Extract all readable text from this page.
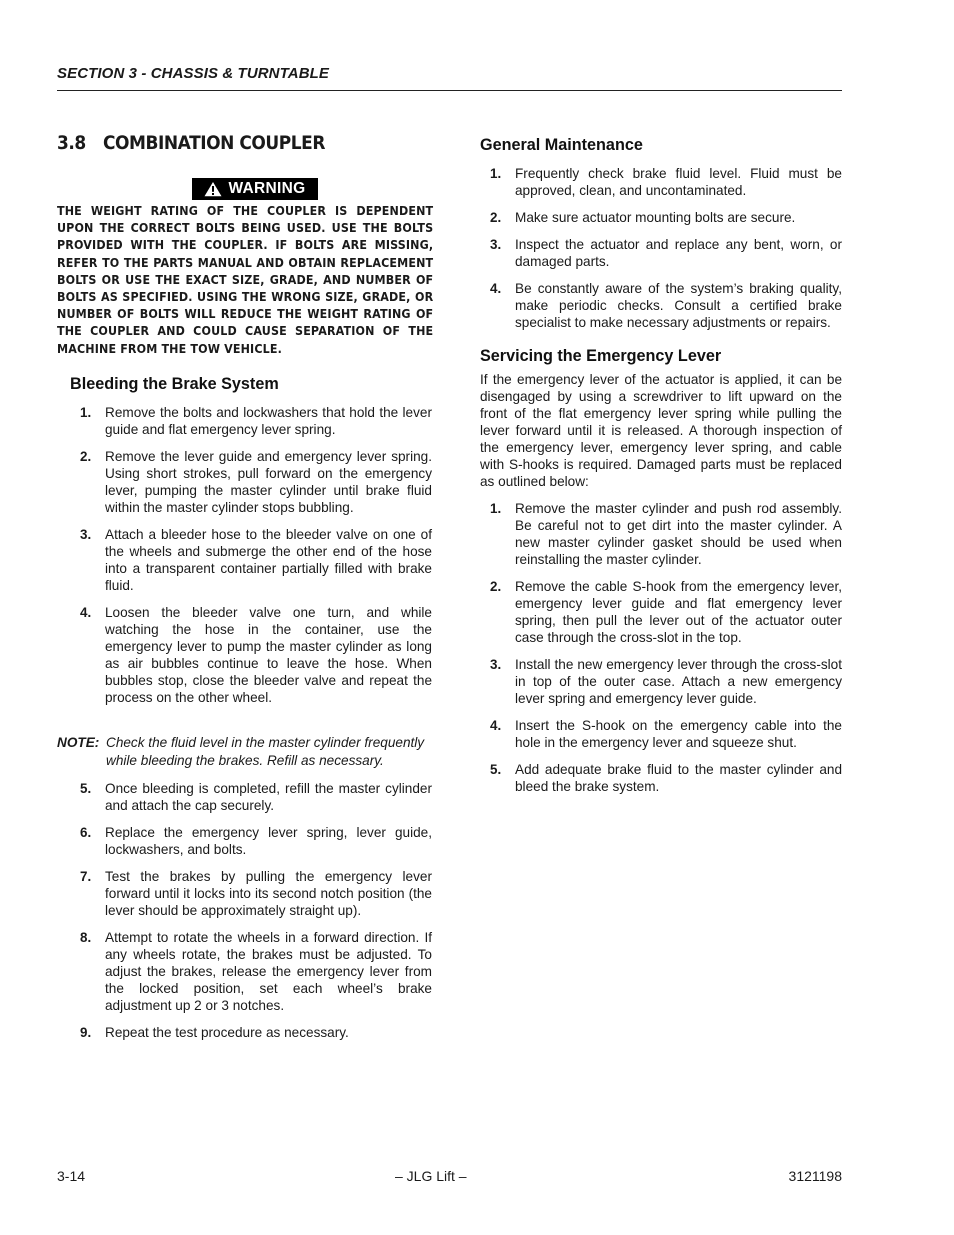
SECTION 3 - CHASSIS & TURNTABLE
3.8 COMBINATION COUPLER
WARNING

THE WEIGHT RATING OF THE COUPLER IS DEPENDENT UPON THE CORRECT BOLTS BEING USED. USE THE BOLTS PROVIDED WITH THE COUPLER. IF BOLTS ARE MISSING, REFER TO THE PARTS MANUAL AND OBTAIN REPLACEMENT BOLTS OR USE THE EXACT SIZE, GRADE, AND NUMBER OF BOLTS AS SPECIFIED. USING THE WRONG SIZE, GRADE, OR NUMBER OF BOLTS WILL REDUCE THE WEIGHT RATING OF THE COUPLER AND COULD CAUSE SEPARATION OF THE MACHINE FROM THE TOW VEHICLE.

Bleeding the Brake System
1. Remove the bolts and lockwashers that hold the lever guide and flat emergency lever spring.
2. Remove the lever guide and emergency lever spring. Using short strokes, pull forward on the emergency lever, pumping the master cylinder until brake fluid within the master cylinder stops bubbling.
3. Attach a bleeder hose to the bleeder valve on one of the wheels and submerge the other end of the hose into a transparent container partially filled with brake fluid.
4. Loosen the bleeder valve one turn, and while watching the hose in the container, use the emergency lever to pump the master cylinder as long as air bubbles continue to leave the hose. When bubbles stop, close the bleeder valve and repeat the process on the other wheel.
NOTE: Check the fluid level in the master cylinder frequently while bleeding the brakes. Refill as necessary.
5. Once bleeding is completed, refill the master cylinder and attach the cap securely.
6. Replace the emergency lever spring, lever guide, lockwashers, and bolts.
7. Test the brakes by pulling the emergency lever forward until it locks into its second notch position (the lever should be approximately straight up).
8. Attempt to rotate the wheels in a forward direction. If any wheels rotate, the brakes must be adjusted. To adjust the brakes, release the emergency lever from the locked position, set each wheel’s brake adjustment up 2 or 3 notches.
9. Repeat the test procedure as necessary.
General Maintenance
1. Frequently check brake fluid level. Fluid must be approved, clean, and uncontaminated.
2. Make sure actuator mounting bolts are secure.
3. Inspect the actuator and replace any bent, worn, or damaged parts.
4. Be constantly aware of the system’s braking quality, make periodic checks. Consult a certified brake specialist to make necessary adjustments or repairs.
Servicing the Emergency Lever

If the emergency lever of the actuator is applied, it can be disengaged by using a screwdriver to lift upward on the front of the flat emergency lever spring while pulling the lever forward until it is released. A thorough inspection of the emergency lever, emergency lever spring, and cable with S-hooks is required. Damaged parts must be replaced as outlined below:

1. Remove the master cylinder and push rod assembly. Be careful not to get dirt into the master cylinder. A new master cylinder gasket should be used when reinstalling the master cylinder.
2. Remove the cable S-hook from the emergency lever, emergency lever guide and flat emergency lever spring, then pull the lever out of the actuator outer case through the cross-slot in the top.
3. Install the new emergency lever through the cross-slot in top of the outer case. Attach a new emergency lever spring and emergency lever guide.
4. Insert the S-hook on the emergency cable into the hole in the emergency lever and squeeze shut.
5. Add adequate brake fluid to the master cylinder and bleed the brake system.
3-14	– JLG Lift –	3121198
